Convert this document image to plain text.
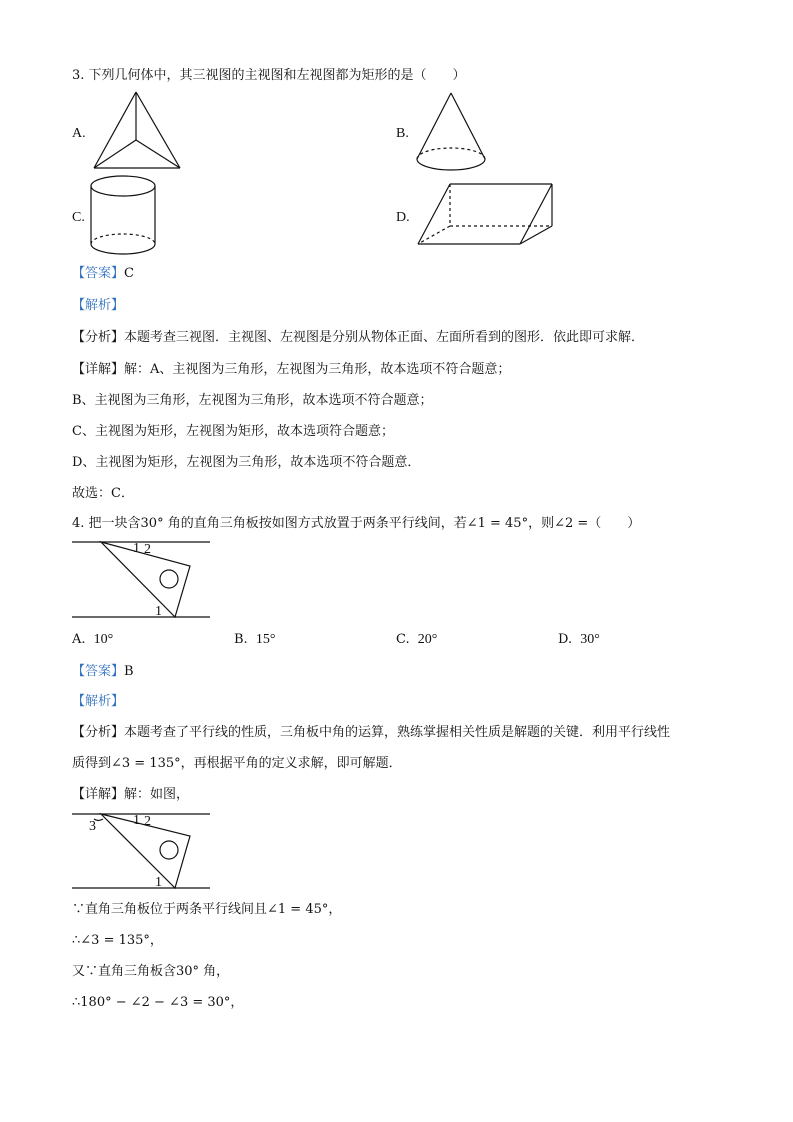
3. 下列几何体中，其三视图的主视图和左视图都为矩形的是（　　）
A.	B.
C.	D.
【答案】C
【解析】
【分析】本题考查三视图．主视图、左视图是分别从物体正面、左面所看到的图形．依此即可求解．
【详解】解：A、主视图为三角形，左视图为三角形，故本选项不符合题意；
B、主视图为三角形，左视图为三角形，故本选项不符合题意；
C、主视图为矩形，左视图为矩形，故本选项符合题意；
D、主视图为矩形，左视图为三角形，故本选项不符合题意．
故选：C．
4. 把一块含30° 角的直角三角板按如图方式放置于两条平行线间，若∠1 = 45°，则∠2 =（　　）
1 2
1
A. 10°	B. 15°	C. 20°	D. 30°
【答案】B
【解析】
【分析】本题考查了平行线的性质，三角板中角的运算，熟练掌握相关性质是解题的关键．利用平行线性
质得到∠3 = 135°，再根据平角的定义求解，即可解题．
【详解】解：如图，
1 2
3
1
∵直角三角板位于两条平行线间且∠1 = 45°，
∴∠3 = 135°，
又∵直角三角板含30° 角，
∴180° − ∠2 − ∠3 = 30°，
